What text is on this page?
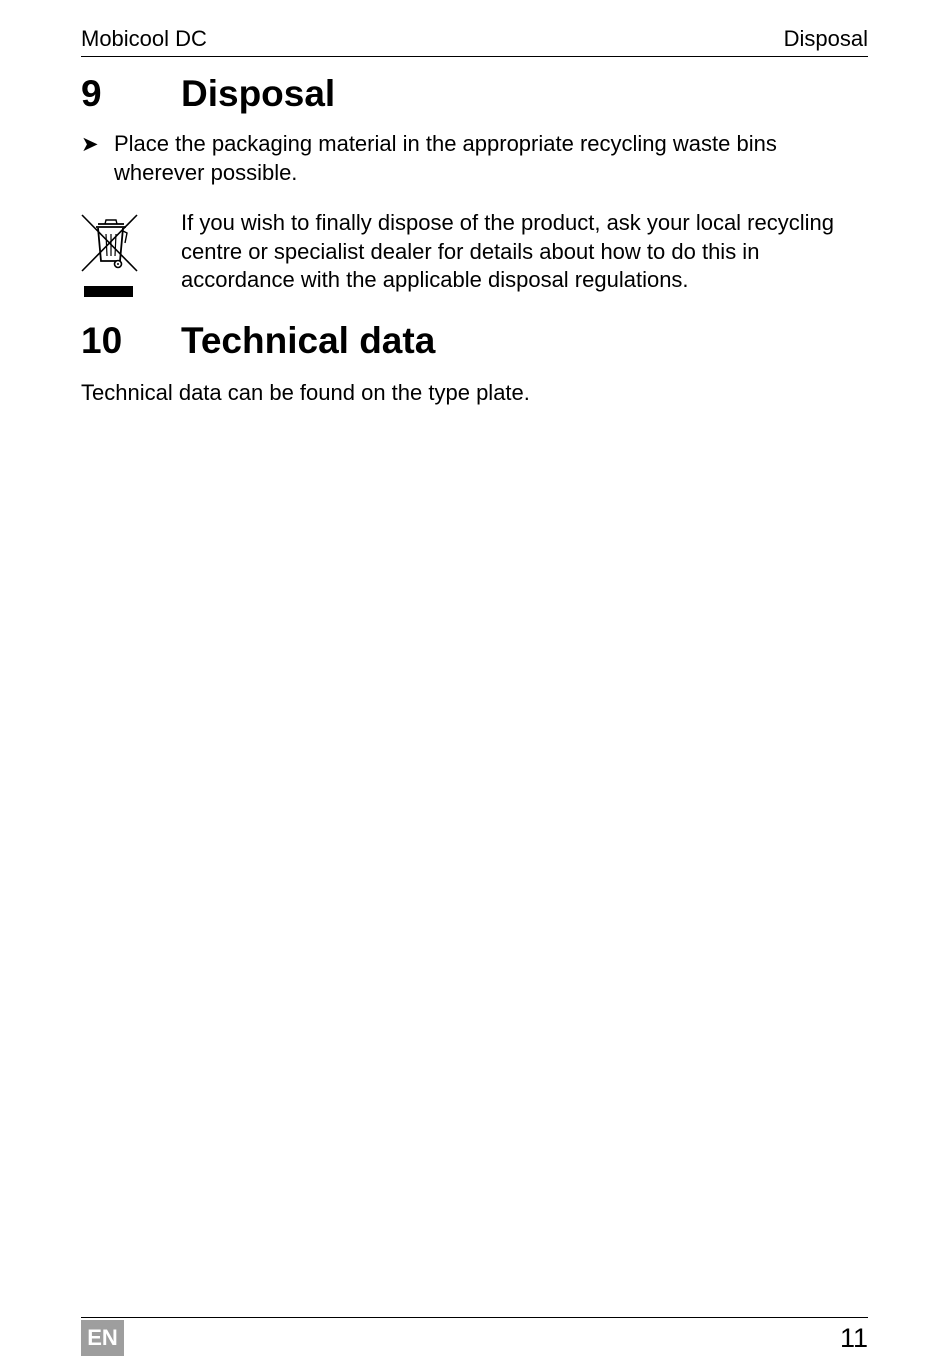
Mobicool DC	Disposal
9 Disposal
➤ Place the packaging material in the appropriate recycling waste bins wherever possible.
If you wish to finally dispose of the product, ask your local recycling centre or specialist dealer for details about how to do this in accordance with the applicable disposal regulations.
10 Technical data
Technical data can be found on the type plate.
EN	11
